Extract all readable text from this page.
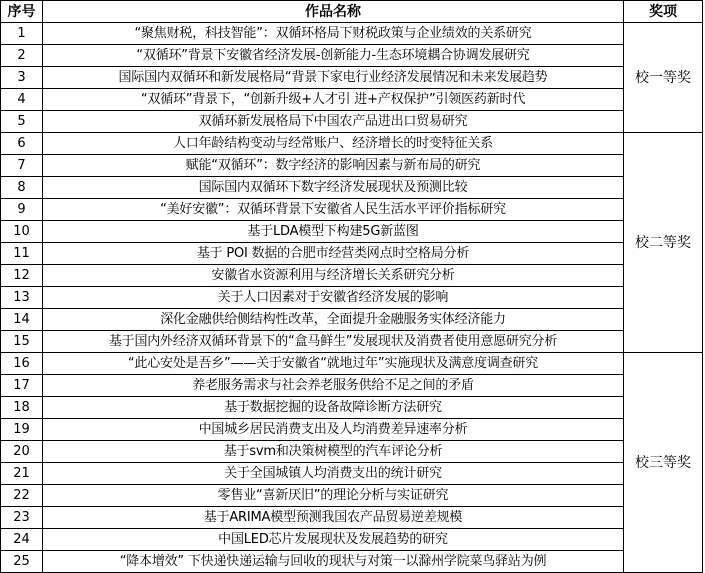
序号	作品名称	奖项
1	“聚焦财税，科技智能”：双循环格局下财税政策与企业绩效的关系研究	校一等奖
2	“双循环”背景下安徽省经济发展-创新能力-生态环境耦合协调发展研究	
3	国际国内双循环和新发展格局“背景下家电行业经济发展情况和未来发展趋势	
4	“双循环”背景下，“创新升级+人才引 进+产权保护”引领医药新时代	
5	双循环新发展格局下中国农产品进出口贸易研究	
6	人口年龄结构变动与经常账户、经济增长的时变特征关系	校二等奖
7	赋能“双循环”：数字经济的影响因素与新布局的研究	
8	国际国内双循环下数字经济发展现状及预测比较	
9	“美好安徽”：双循环背景下安徽省人民生活水平评价指标研究	
10	基于LDA模型下构建5G新蓝图	
11	基于 POI 数据的合肥市经营类网点时空格局分析	
12	安徽省水资源利用与经济增长关系研究分析	
13	关于人口因素对于安徽省经济发展的影响	
14	深化金融供给侧结构性改革，全面提升金融服务实体经济能力	
15	基于国内外经济双循环背景下的“盒马鲜生”发展现状及消费者使用意愿研究分析	
16	“此心安处是吾乡”——关于安徽省“就地过年”实施现状及满意度调查研究	校三等奖
17	养老服务需求与社会养老服务供给不足之间的矛盾	
18	基于数据挖掘的设备故障诊断方法研究	
19	中国城乡居民消费支出及人均消费差异速率分析	
20	基于svm和决策树模型的汽车评论分析	
21	关于全国城镇人均消费支出的统计研究	
22	零售业“喜新厌旧”的理论分析与实证研究	
23	基于ARIMA模型预测我国农产品贸易逆差规模	
24	中国LED芯片发展现状及发展趋势的研究	
25	“降本增效” 下快递快递运输与回收的现状与对策一以滁州学院菜鸟驿站为例	
